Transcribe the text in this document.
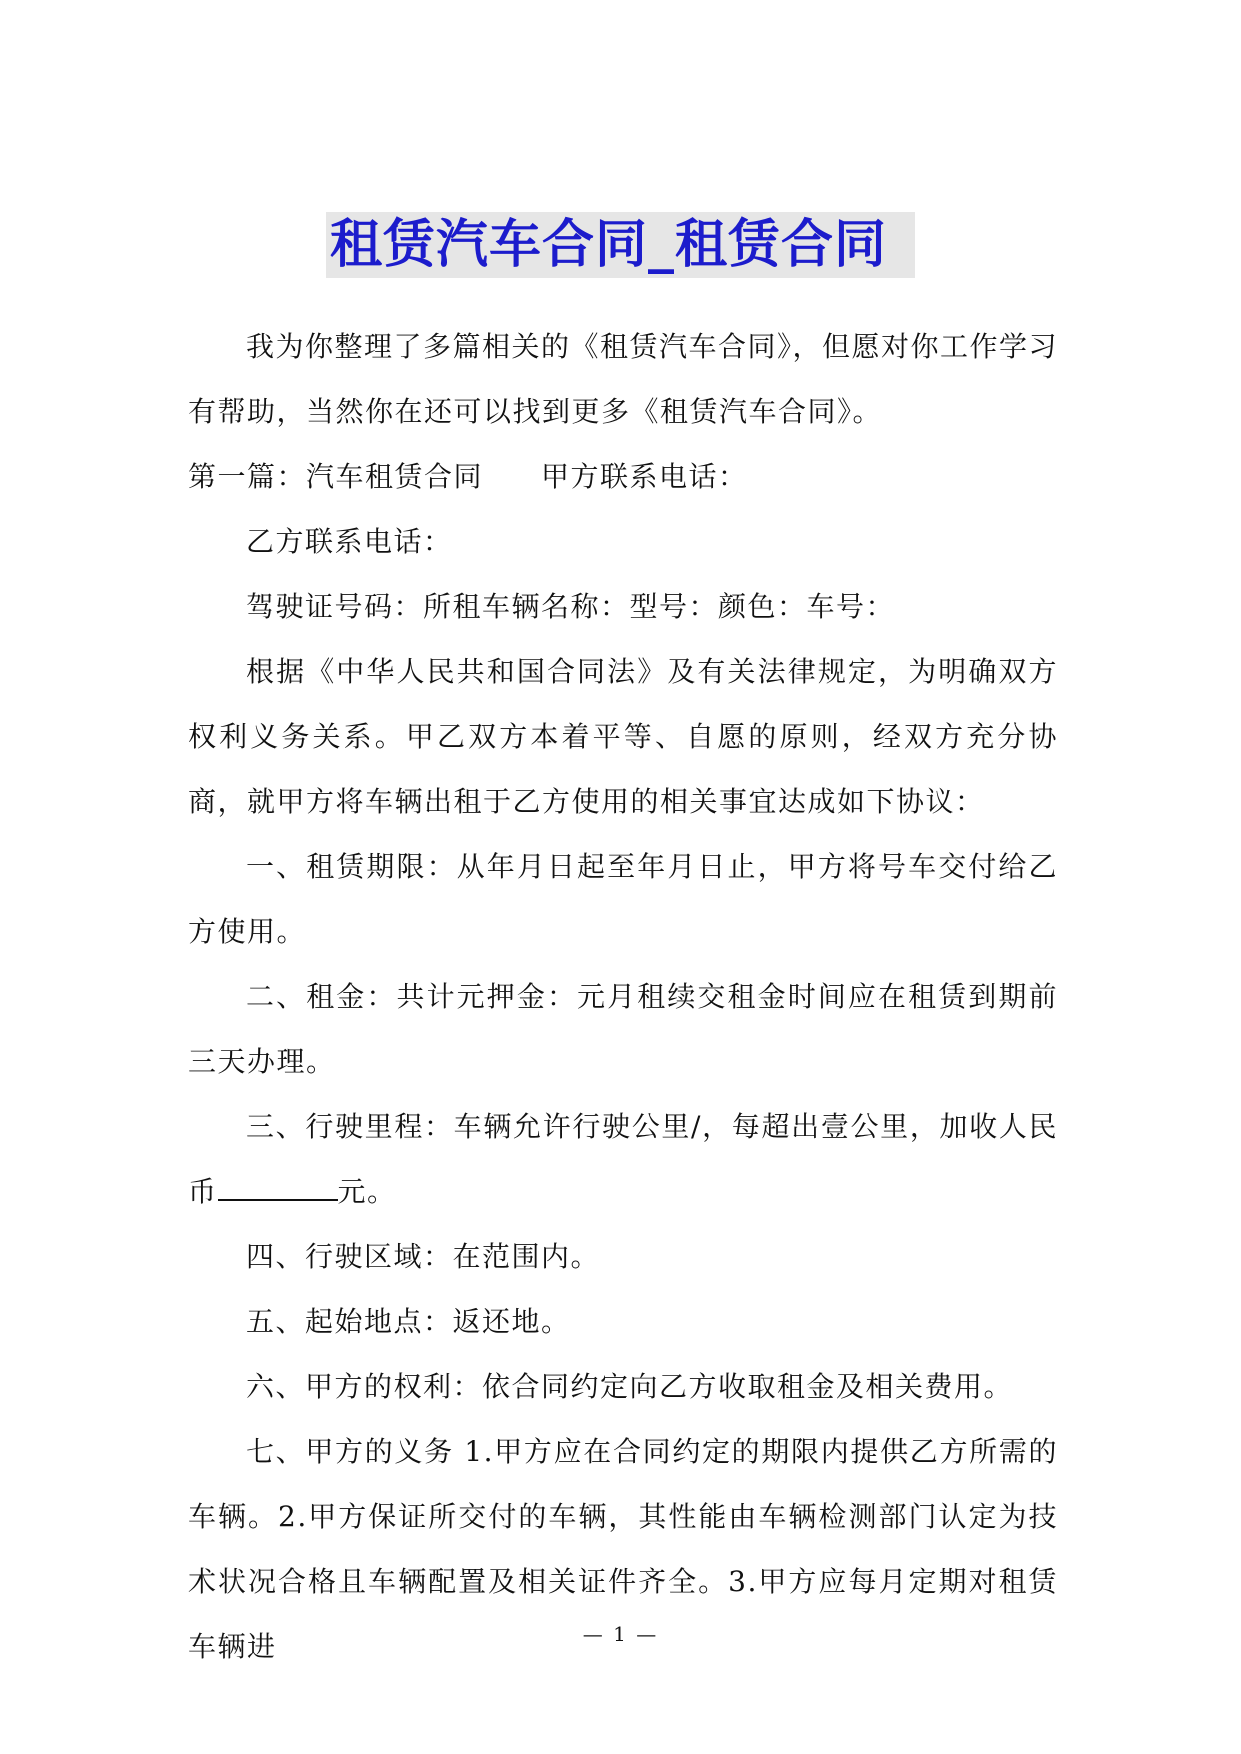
租赁汽车合同_租赁合同

我为你整理了多篇相关的《租赁汽车合同》，但愿对你工作学习有帮助，当然你在还可以找到更多《租赁汽车合同》。

第一篇：汽车租赁合同 甲方联系电话：

乙方联系电话：

驾驶证号码：所租车辆名称：型号：颜色：车号：

根据《中华人民共和国合同法》及有关法律规定，为明确双方权利义务关系。甲乙双方本着平等、自愿的原则，经双方充分协商，就甲方将车辆出租于乙方使用的相关事宜达成如下协议：

一、租赁期限：从年月日起至年月日止，甲方将号车交付给乙方使用。

二、租金：共计元押金：元月租续交租金时间应在租赁到期前三天办理。

三、行驶里程：车辆允许行驶公里/，每超出壹公里，加收人民币	元。

四、行驶区域：在范围内。

五、起始地点：返还地。

六、甲方的权利：依合同约定向乙方收取租金及相关费用。

七、甲方的义务 1.甲方应在合同约定的期限内提供乙方所需的车辆。2.甲方保证所交付的车辆，其性能由车辆检测部门认定为技术状况合格且车辆配置及相关证件齐全。3.甲方应每月定期对租赁车辆进	— 1 —
